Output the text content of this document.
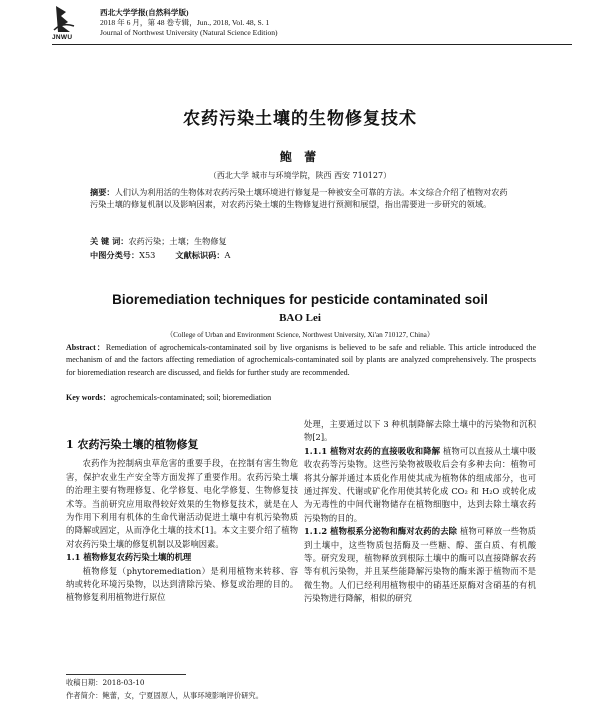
JNWU
西北大学学报(自然科学版)
2018 年 6 月，第 48 卷专辑，Jun., 2018, Vol. 48, S. 1
Journal of Northwest University (Natural Science Edition)
农药污染土壤的生物修复技术
鲍 蕾
（西北大学 城市与环境学院，陕西 西安 710127）

摘要：人们认为利用活的生物体对农药污染土壤环境进行修复是一种被安全可靠的方法。本文综合介绍了植物对农药污染土壤的修复机制以及影响因素，对农药污染土壤的生物修复进行预测和展望，指出需要进一步研究的领域。

关 键 词：农药污染；土壤；生物修复
中图分类号：X53 文献标识码：A
Bioremediation techniques for pesticide contaminated soil
BAO Lei
（College of Urban and Environment Science, Northwest University, Xi'an 710127, China）
Abstract：Remediation of agrochemicals-contaminated soil by live organisms is believed to be safe and reliable. This article introduced the mechanism of and the factors affecting remediation of agrochemicals-contaminated soil by plants are analyzed comprehensively. The prospects for bioremediation research are discussed, and fields for further study are recommended.
Key words：agrochemicals-contaminated; soil; bioremediation
1 农药污染土壤的植物修复

农药作为控制病虫草危害的重要手段，在控制有害生物危害，保护农业生产安全等方面发挥了重要作用。农药污染土壤的治理主要有物理修复、化学修复、电化学修复、生物修复技术等。当前研究应用取得较好效果的生物修复技术，就是在人为作用下利用有机体的生命代谢活动促进土壤中有机污染物质的降解或固定，从而净化土壤的技术[1]。本文主要介绍了植物对农药污染土壤的修复机制以及影响因素。

1.1 植物修复农药污染土壤的机理

植物修复（phytoremediation）是利用植物来转移、容纳或转化环境污染物，以达到清除污染、修复或治理的目的。植物修复利用植物进行原位

处理，主要通过以下 3 种机制降解去除土壤中的污染物和沉积物[2]。

1.1.1 植物对农药的直接吸收和降解 植物可以直接从土壤中吸收农药等污染物。这些污染物被吸收后会有多种去向：植物可将其分解并通过本质化作用使其成为植物体的组成部分，也可通过挥发、代谢或矿化作用使其转化成 CO₂ 和 H₂O 或转化成为无毒性的中间代谢物储存在植物细胞中，达到去除土壤农药污染物的目的。

1.1.2 植物根系分泌物和酶对农药的去除 植物可释放一些物质到土壤中，这些物质包括酶及一些糖、醇、蛋白质、有机酸等。研究发现，植物释放到根际土壤中的酶可以直接降解农药等有机污染物，并且某些能降解污染物的酶来源于植物而不是微生物。人们已经利用植物根中的硝基还原酶对含硝基的有机污染物进行降解，相似的研究

收稿日期：2018-03-10
作者简介：鲍蕾，女，宁夏固原人，从事环境影响评价研究。
